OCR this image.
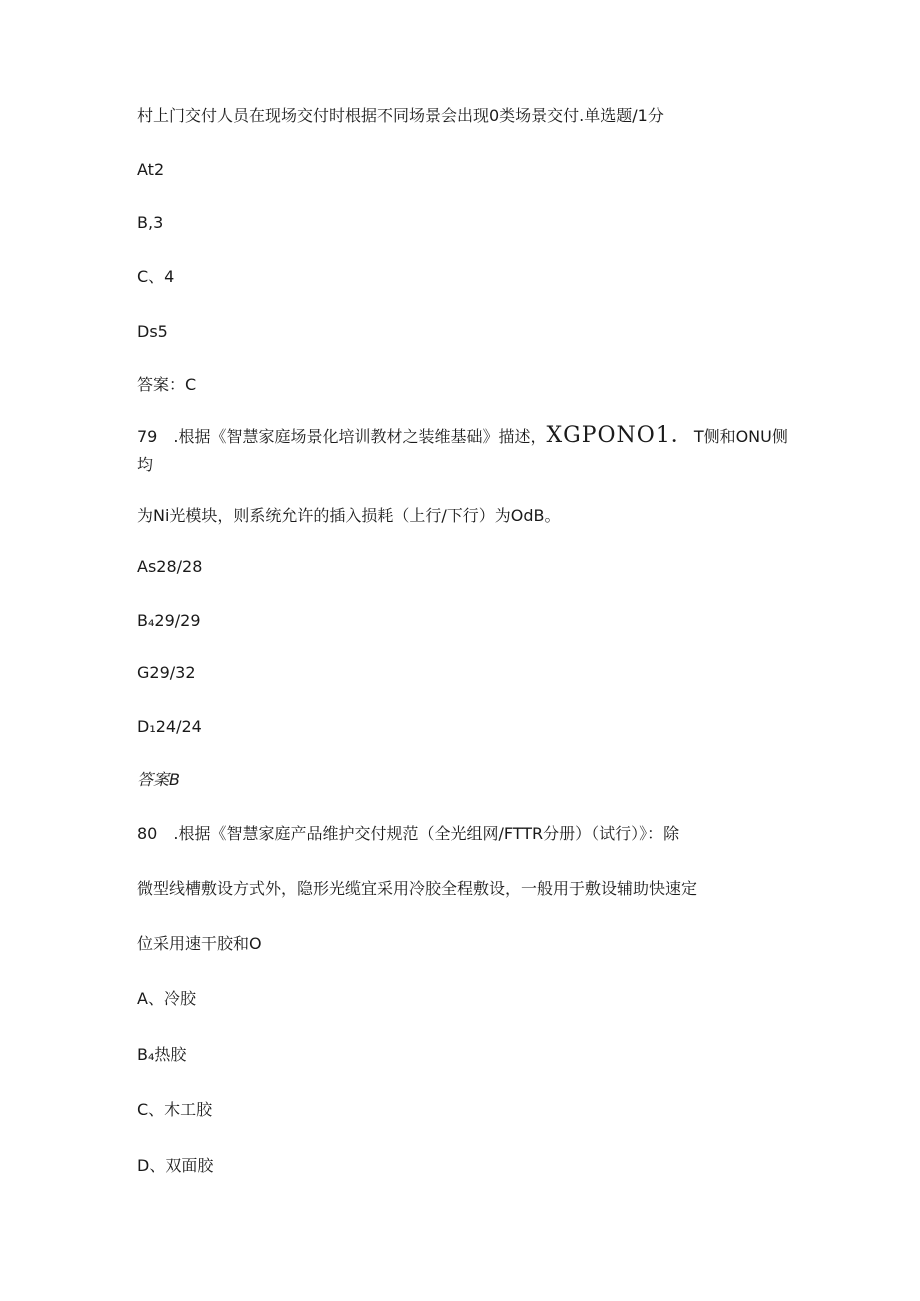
村上门交付人员在现场交付时根据不同场景会出现0类场景交付.单选题/1分

At2

B,3

C、4

Ds5

答案：C

79　.根据《智慧家庭场景化培训教材之装维基础》描述，XGPONO1．T侧和ONU侧

均

为Ni光模块，则系统允许的插入损耗（上行/下行）为OdB。

As28/28

B₄29/29

G29/32

D₁24/24

答案B

80　.根据《智慧家庭产品维护交付规范（全光组网/FTTR分册）（试行）》：除

微型线槽敷设方式外，隐形光缆宜采用冷胶全程敷设，一般用于敷设辅助快速定

位采用速干胶和O

A、冷胶

B₄热胶

C、木工胶

D、双面胶
